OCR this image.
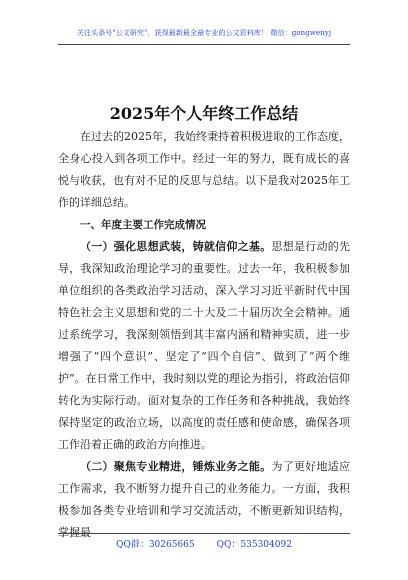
关注头条号"公文研究"，获得最新最全最专业的公文资料库！ 微信：gongwenyj
2025年个人年终工作总结

在过去的2025年，我始终秉持着积极进取的工作态度，全身心投入到各项工作中。经过一年的努力，既有成长的喜悦与收获，也有对不足的反思与总结。以下是我对2025年工作的详细总结。

一、年度主要工作完成情况

（一）强化思想武装，铸就信仰之基。思想是行动的先导，我深知政治理论学习的重要性。过去一年，我积极参加单位组织的各类政治学习活动，深入学习习近平新时代中国特色社会主义思想和党的二十大及二十届历次全会精神。通过系统学习，我深刻领悟到其丰富内涵和精神实质，进一步增强了“四个意识”、坚定了“四个自信”、做到了“两个维护”。在日常工作中，我时刻以党的理论为指引，将政治信仰转化为实际行动。面对复杂的工作任务和各种挑战，我始终保持坚定的政治立场，以高度的责任感和使命感，确保各项工作沿着正确的政治方向推进。

（二）聚焦专业精进，锤炼业务之能。为了更好地适应工作需求，我不断努力提升自己的业务能力。一方面，我积极参加各类专业培训和学习交流活动，不断更新知识结构，掌握最

QQ群：30265665 QQ：535304092
